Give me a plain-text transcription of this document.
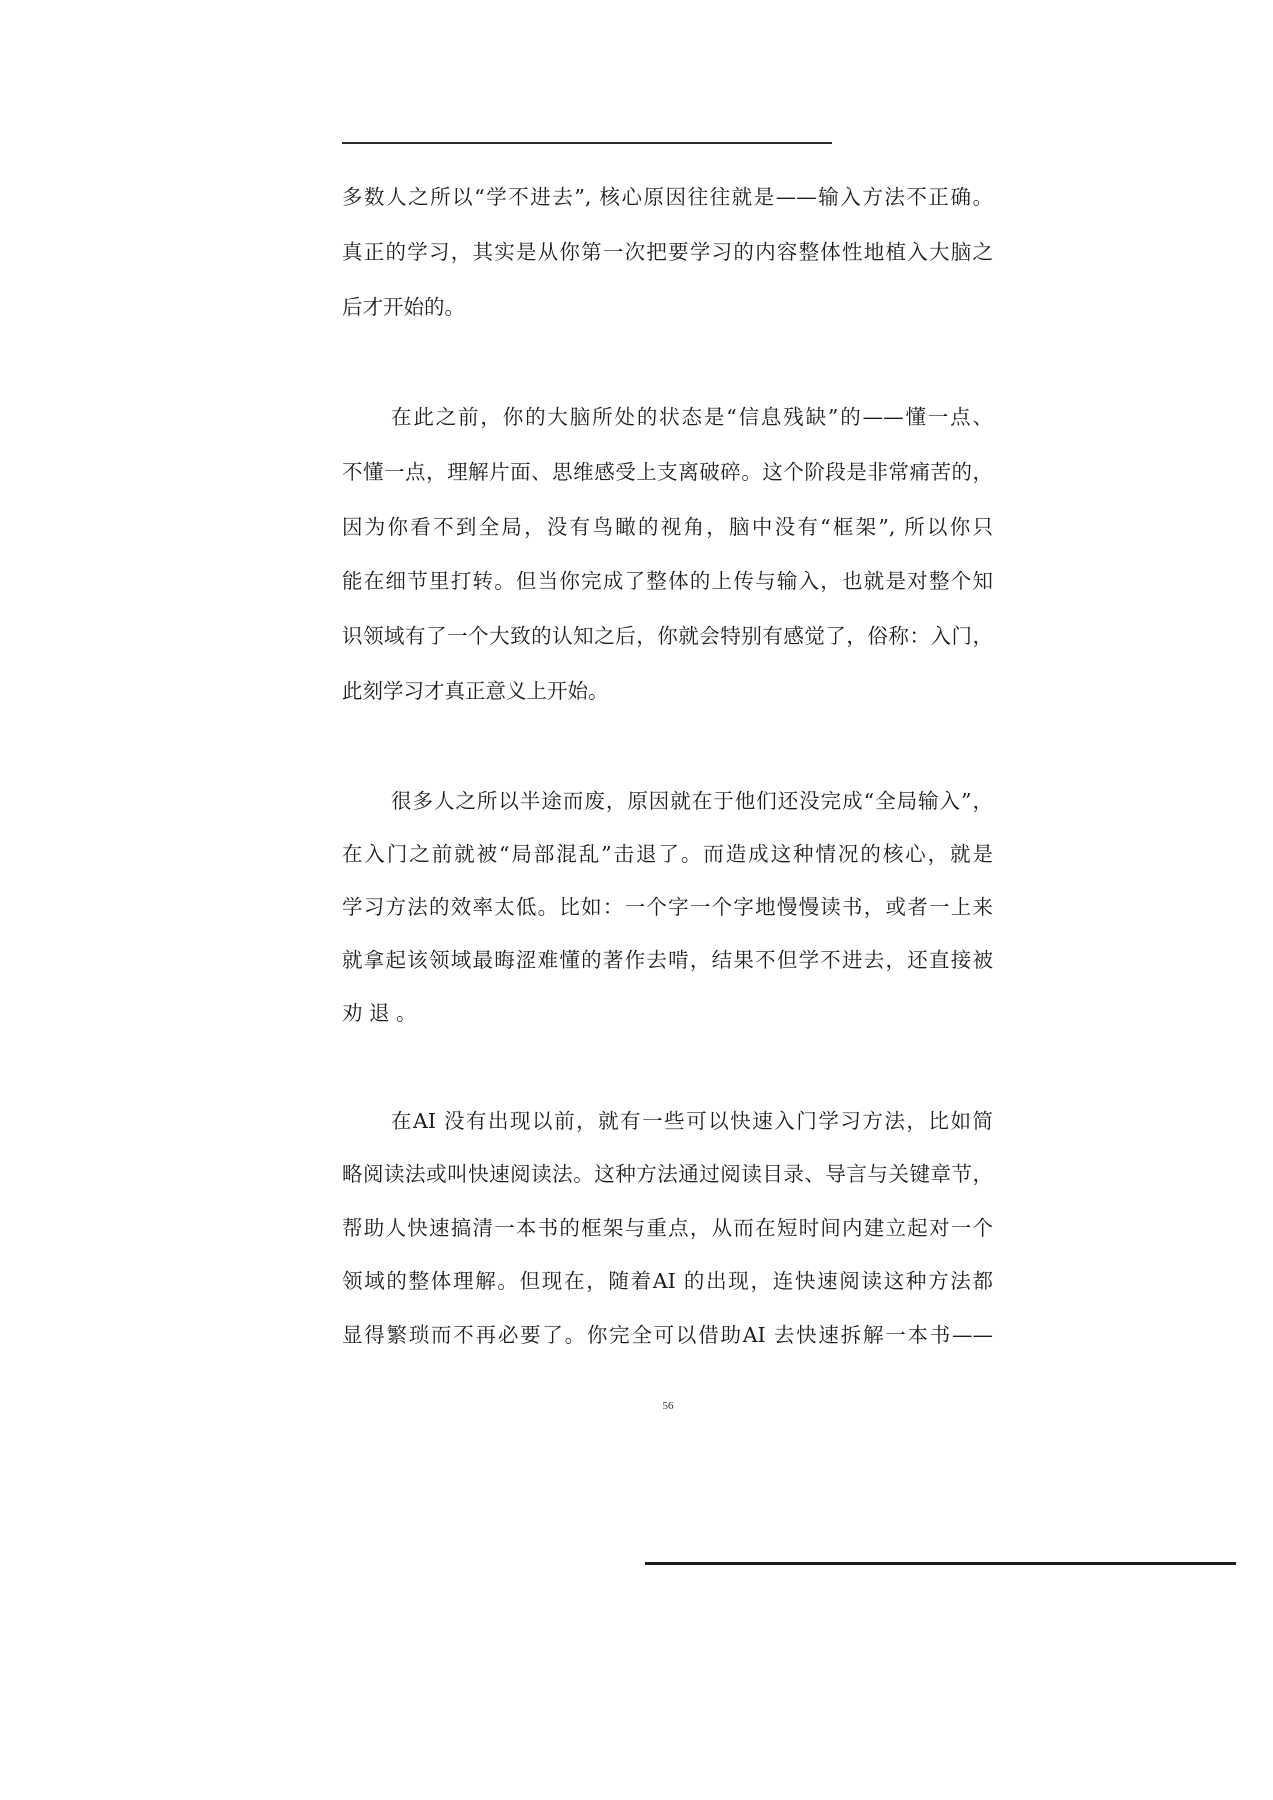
多数人之所以“学不进去”, 核心原因往往就是——输入方法不正确。
真正的学习，其实是从你第一次把要学习的内容整体性地植入大脑之
后才开始的。
在此之前，你的大脑所处的状态是“信息残缺”的——懂一点、
不懂一点，理解片面、思维感受上支离破碎。这个阶段是非常痛苦的，
因为你看不到全局，没有鸟瞰的视角，脑中没有“框架”, 所以你只
能在细节里打转。但当你完成了整体的上传与输入，也就是对整个知
识领域有了一个大致的认知之后，你就会特别有感觉了，俗称：入门，
此刻学习才真正意义上开始。
很多人之所以半途而废，原因就在于他们还没完成“全局输入”，
在入门之前就被“局部混乱”击退了。而造成这种情况的核心，就是
学习方法的效率太低。比如：一个字一个字地慢慢读书，或者一上来
就拿起该领域最晦涩难懂的著作去啃，结果不但学不进去，还直接被
劝 退 。
在AI 没有出现以前，就有一些可以快速入门学习方法，比如简
略阅读法或叫快速阅读法。这种方法通过阅读目录、导言与关键章节，
帮助人快速搞清一本书的框架与重点，从而在短时间内建立起对一个
领域的整体理解。但现在，随着AI 的出现，连快速阅读这种方法都
显得繁琐而不再必要了。你完全可以借助AI 去快速拆解一本书——
56
